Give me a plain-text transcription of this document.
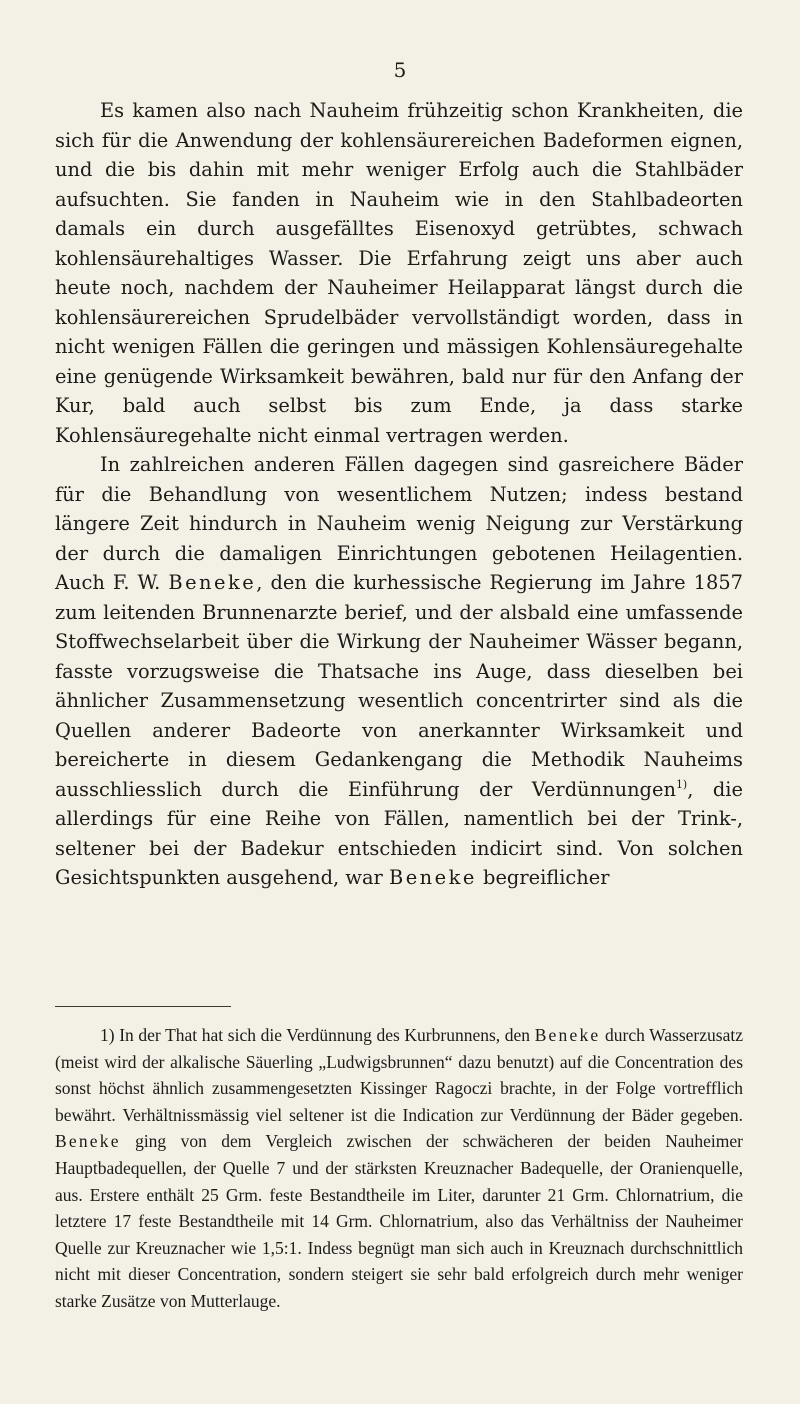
5

Es kamen also nach Nauheim frühzeitig schon Krankheiten, die sich für die Anwendung der kohlensäurereichen Badeformen eignen, und die bis dahin mit mehr weniger Erfolg auch die Stahlbäder aufsuchten. Sie fanden in Nauheim wie in den Stahlbadeorten damals ein durch ausgefälltes Eisenoxyd getrübtes, schwach kohlensäurehaltiges Wasser. Die Erfahrung zeigt uns aber auch heute noch, nachdem der Nauheimer Heilapparat längst durch die kohlensäurereichen Sprudelbäder vervollständigt worden, dass in nicht wenigen Fällen die geringen und mässigen Kohlensäuregehalte eine genügende Wirksamkeit bewähren, bald nur für den Anfang der Kur, bald auch selbst bis zum Ende, ja dass starke Kohlensäuregehalte nicht einmal vertragen werden.

In zahlreichen anderen Fällen dagegen sind gasreichere Bäder für die Behandlung von wesentlichem Nutzen; indess bestand längere Zeit hindurch in Nauheim wenig Neigung zur Verstärkung der durch die damaligen Einrichtungen gebotenen Heilagentien. Auch F. W. Beneke, den die kurhessische Regierung im Jahre 1857 zum leitenden Brunnenarzte berief, und der alsbald eine umfassende Stoffwechselarbeit über die Wirkung der Nauheimer Wässer begann, fasste vorzugsweise die Thatsache ins Auge, dass dieselben bei ähnlicher Zusammensetzung wesentlich concentrirter sind als die Quellen anderer Badeorte von anerkannter Wirksamkeit und bereicherte in diesem Gedankengang die Methodik Nauheims ausschliesslich durch die Einführung der Verdünnungen$^{1)}$, die allerdings für eine Reihe von Fällen, namentlich bei der Trink-, seltener bei der Badekur entschieden indicirt sind. Von solchen Gesichtspunkten ausgehend, war Beneke begreiflicher

1) In der That hat sich die Verdünnung des Kurbrunnens, den Beneke durch Wasserzusatz (meist wird der alkalische Säuerling „Ludwigsbrunnen“ dazu benutzt) auf die Concentration des sonst höchst ähnlich zusammengesetzten Kissinger Ragoczi brachte, in der Folge vortrefflich bewährt. Verhältnissmässig viel seltener ist die Indication zur Verdünnung der Bäder gegeben. Beneke ging von dem Vergleich zwischen der schwächeren der beiden Nauheimer Hauptbadequellen, der Quelle 7 und der stärksten Kreuznacher Badequelle, der Oranienquelle, aus. Erstere enthält 25 Grm. feste Bestandtheile im Liter, darunter 21 Grm. Chlornatrium, die letztere 17 feste Bestandtheile mit 14 Grm. Chlornatrium, also das Verhältniss der Nauheimer Quelle zur Kreuznacher wie 1,5:1. Indess begnügt man sich auch in Kreuznach durchschnittlich nicht mit dieser Concentration, sondern steigert sie sehr bald erfolgreich durch mehr weniger starke Zusätze von Mutterlauge.
